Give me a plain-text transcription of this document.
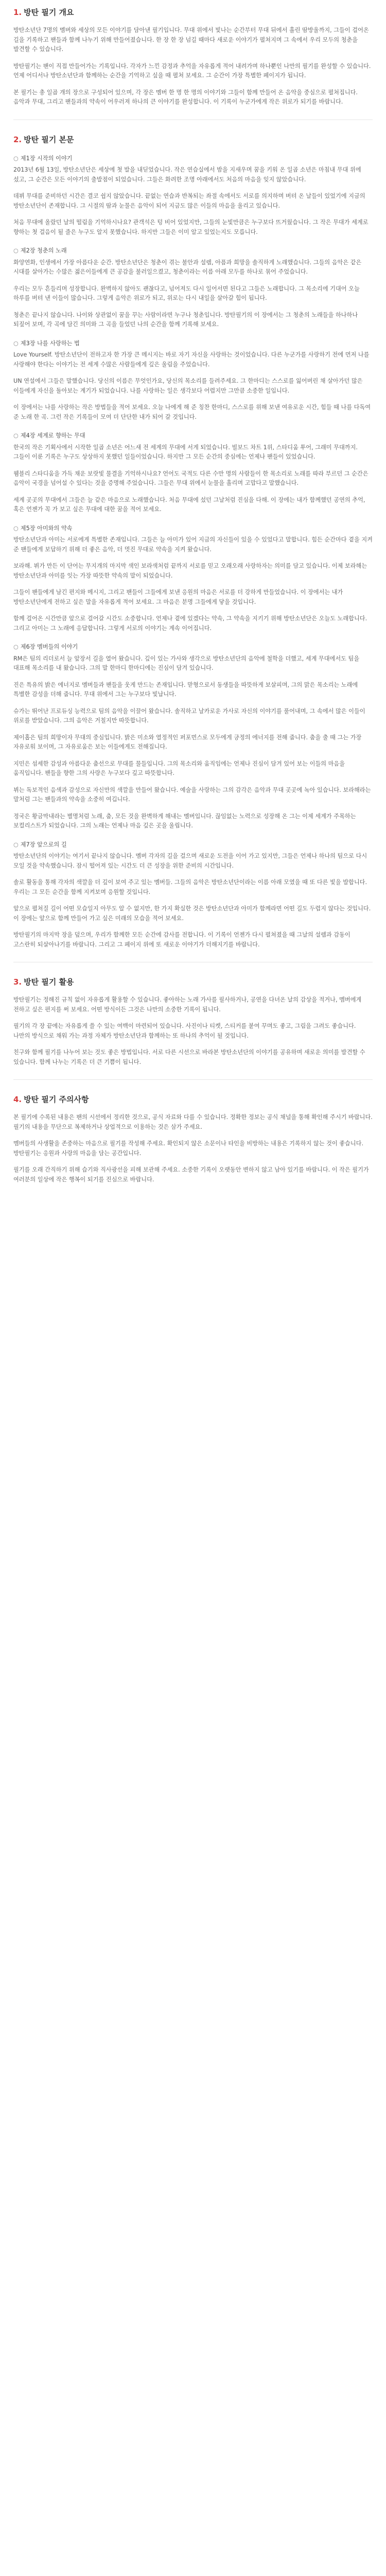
1. 방탄 필기 개요

방탄소년단 7명의 멤버와 세상의 모든 이야기를 담아낸 필기입니다. 무대 위에서 빛나는 순간부터 무대 뒤에서 흘린 땀방울까지, 그들이 걸어온 길을 기록하고 팬들과 함께 나누기 위해 만들어졌습니다. 한 장 한 장 넘길 때마다 새로운 이야기가 펼쳐지며 그 속에서 우리 모두의 청춘을 발견할 수 있습니다.

방탄필기는 팬이 직접 만들어가는 기록입니다. 각자가 느낀 감정과 추억을 자유롭게 적어 내려가며 하나뿐인 나만의 필기를 완성할 수 있습니다. 언제 어디서나 방탄소년단과 함께하는 순간을 기억하고 싶을 때 펼쳐 보세요. 그 순간이 가장 특별한 페이지가 됩니다.

본 필기는 총 일곱 개의 장으로 구성되어 있으며, 각 장은 멤버 한 명 한 명의 이야기와 그들이 함께 만들어 온 음악을 중심으로 펼쳐집니다. 음악과 무대, 그리고 팬들과의 약속이 어우러져 하나의 큰 이야기를 완성합니다. 이 기록이 누군가에게 작은 위로가 되기를 바랍니다.

2. 방탄 필기 본문
○ 제1장 시작의 이야기

2013년 6월 13일, 방탄소년단은 세상에 첫 발을 내딛었습니다. 작은 연습실에서 밤을 지새우며 꿈을 키워 온 일곱 소년은 마침내 무대 위에 섰고, 그 순간은 모든 이야기의 출발점이 되었습니다. 그들은 화려한 조명 아래에서도 처음의 마음을 잊지 않았습니다.

데뷔 무대를 준비하던 시간은 결코 쉽지 않았습니다. 끝없는 연습과 반복되는 좌절 속에서도 서로를 의지하며 버텨 온 날들이 있었기에 지금의 방탄소년단이 존재합니다. 그 시절의 땀과 눈물은 음악이 되어 지금도 많은 이들의 마음을 울리고 있습니다.

처음 무대에 올랐던 날의 떨림을 기억하시나요? 관객석은 텅 비어 있었지만, 그들의 눈빛만큼은 누구보다 뜨거웠습니다. 그 작은 무대가 세계로 향하는 첫 걸음이 될 줄은 누구도 알지 못했습니다. 하지만 그들은 이미 알고 있었는지도 모릅니다.

○ 제2장 청춘의 노래

화양연화, 인생에서 가장 아름다운 순간. 방탄소년단은 청춘이 겪는 불안과 설렘, 아픔과 희망을 솔직하게 노래했습니다. 그들의 음악은 같은 시대를 살아가는 수많은 젊은이들에게 큰 공감을 불러일으켰고, 청춘이라는 이름 아래 모두를 하나로 묶어 주었습니다.

우리는 모두 흔들리며 성장합니다. 완벽하지 않아도 괜찮다고, 넘어져도 다시 일어서면 된다고 그들은 노래합니다. 그 목소리에 기대어 오늘 하루를 버텨 낸 이들이 많습니다. 그렇게 음악은 위로가 되고, 위로는 다시 내일을 살아갈 힘이 됩니다.

청춘은 끝나지 않습니다. 나이와 상관없이 꿈을 꾸는 사람이라면 누구나 청춘입니다. 방탄필기의 이 장에서는 그 청춘의 노래들을 하나하나 되짚어 보며, 각 곡에 담긴 의미와 그 곡을 들었던 나의 순간을 함께 기록해 보세요.

○ 제3장 나를 사랑하는 법

Love Yourself. 방탄소년단이 전하고자 한 가장 큰 메시지는 바로 자기 자신을 사랑하는 것이었습니다. 다른 누군가를 사랑하기 전에 먼저 나를 사랑해야 한다는 이야기는 전 세계 수많은 사람들에게 깊은 울림을 주었습니다.

UN 연설에서 그들은 말했습니다. 당신의 이름은 무엇인가요, 당신의 목소리를 들려주세요. 그 한마디는 스스로를 잃어버린 채 살아가던 많은 이들에게 자신을 돌아보는 계기가 되었습니다. 나를 사랑하는 일은 생각보다 어렵지만 그만큼 소중한 일입니다.

이 장에서는 나를 사랑하는 작은 방법들을 적어 보세요. 오늘 나에게 해 준 칭찬 한마디, 스스로를 위해 보낸 여유로운 시간, 힘들 때 나를 다독여 준 노래 한 곡. 그런 작은 기록들이 모여 더 단단한 내가 되어 갈 것입니다.

○ 제4장 세계로 향하는 무대

한국의 작은 기획사에서 시작한 일곱 소년은 어느새 전 세계의 무대에 서게 되었습니다. 빌보드 차트 1위, 스타디움 투어, 그래미 무대까지. 그들이 이룬 기록은 누구도 상상하지 못했던 일들이었습니다. 하지만 그 모든 순간의 중심에는 언제나 팬들이 있었습니다.

웸블리 스타디움을 가득 채운 보랏빛 물결을 기억하시나요? 언어도 국적도 다른 수만 명의 사람들이 한 목소리로 노래를 따라 부르던 그 순간은 음악이 국경을 넘어설 수 있다는 것을 증명해 주었습니다. 그들은 무대 위에서 눈물을 흘리며 고맙다고 말했습니다.

세계 곳곳의 무대에서 그들은 늘 같은 마음으로 노래했습니다. 처음 무대에 섰던 그날처럼 진심을 다해. 이 장에는 내가 함께했던 공연의 추억, 혹은 언젠가 꼭 가 보고 싶은 무대에 대한 꿈을 적어 보세요.

○ 제5장 아미와의 약속

방탄소년단과 아미는 서로에게 특별한 존재입니다. 그들은 늘 아미가 있어 지금의 자신들이 있을 수 있었다고 말합니다. 힘든 순간마다 곁을 지켜 준 팬들에게 보답하기 위해 더 좋은 음악, 더 멋진 무대로 약속을 지켜 왔습니다.

보라해. 뷔가 만든 이 단어는 무지개의 마지막 색인 보라색처럼 끝까지 서로를 믿고 오래오래 사랑하자는 의미를 담고 있습니다. 이제 보라해는 방탄소년단과 아미를 잇는 가장 따뜻한 약속의 말이 되었습니다.

그들이 팬들에게 남긴 편지와 메시지, 그리고 팬들이 그들에게 보낸 응원의 마음은 서로를 더 강하게 만들었습니다. 이 장에서는 내가 방탄소년단에게 전하고 싶은 말을 자유롭게 적어 보세요. 그 마음은 분명 그들에게 닿을 것입니다.

함께 걸어온 시간만큼 앞으로 걸어갈 시간도 소중합니다. 언제나 곁에 있겠다는 약속, 그 약속을 지키기 위해 방탄소년단은 오늘도 노래합니다. 그리고 아미는 그 노래에 응답합니다. 그렇게 서로의 이야기는 계속 이어집니다.

○ 제6장 멤버들의 이야기

RM은 팀의 리더로서 늘 앞장서 길을 열어 왔습니다. 깊이 있는 가사와 생각으로 방탄소년단의 음악에 철학을 더했고, 세계 무대에서도 팀을 대표해 목소리를 내 왔습니다. 그의 말 한마디 한마디에는 진심이 담겨 있습니다.

진은 특유의 밝은 에너지로 멤버들과 팬들을 웃게 만드는 존재입니다. 맏형으로서 동생들을 따뜻하게 보살피며, 그의 맑은 목소리는 노래에 특별한 감성을 더해 줍니다. 무대 위에서 그는 누구보다 빛납니다.

슈가는 뛰어난 프로듀싱 능력으로 팀의 음악을 이끌어 왔습니다. 솔직하고 날카로운 가사로 자신의 이야기를 풀어내며, 그 속에서 많은 이들이 위로를 받았습니다. 그의 음악은 거칠지만 따뜻합니다.

제이홉은 팀의 희망이자 무대의 중심입니다. 밝은 미소와 열정적인 퍼포먼스로 모두에게 긍정의 에너지를 전해 줍니다. 춤을 출 때 그는 가장 자유로워 보이며, 그 자유로움은 보는 이들에게도 전해집니다.

지민은 섬세한 감성과 아름다운 춤선으로 무대를 물들입니다. 그의 목소리와 움직임에는 언제나 진심이 담겨 있어 보는 이들의 마음을 움직입니다. 팬들을 향한 그의 사랑은 누구보다 깊고 따뜻합니다.

뷔는 독보적인 음색과 감성으로 자신만의 색깔을 만들어 왔습니다. 예술을 사랑하는 그의 감각은 음악과 무대 곳곳에 녹아 있습니다. 보라해라는 말처럼 그는 팬들과의 약속을 소중히 여깁니다.

정국은 황금막내라는 별명처럼 노래, 춤, 모든 것을 완벽하게 해내는 멤버입니다. 끊임없는 노력으로 성장해 온 그는 이제 세계가 주목하는 보컬리스트가 되었습니다. 그의 노래는 언제나 마음 깊은 곳을 울립니다.

○ 제7장 앞으로의 길

방탄소년단의 이야기는 여기서 끝나지 않습니다. 멤버 각자의 길을 걸으며 새로운 도전을 이어 가고 있지만, 그들은 언제나 하나의 팀으로 다시 모일 것을 약속했습니다. 잠시 떨어져 있는 시간도 더 큰 성장을 위한 준비의 시간입니다.

솔로 활동을 통해 각자의 색깔을 더 깊이 보여 주고 있는 멤버들. 그들의 음악은 방탄소년단이라는 이름 아래 모였을 때 또 다른 빛을 발합니다. 우리는 그 모든 순간을 함께 지켜보며 응원할 것입니다.

앞으로 펼쳐질 길이 어떤 모습일지 아무도 알 수 없지만, 한 가지 확실한 것은 방탄소년단과 아미가 함께라면 어떤 길도 두렵지 않다는 것입니다. 이 장에는 앞으로 함께 만들어 가고 싶은 미래의 모습을 적어 보세요.

방탄필기의 마지막 장을 덮으며, 우리가 함께한 모든 순간에 감사를 전합니다. 이 기록이 언젠가 다시 펼쳐졌을 때 그날의 설렘과 감동이 고스란히 되살아나기를 바랍니다. 그리고 그 페이지 위에 또 새로운 이야기가 더해지기를 바랍니다.

3. 방탄 필기 활용

방탄필기는 정해진 규칙 없이 자유롭게 활용할 수 있습니다. 좋아하는 노래 가사를 필사하거나, 공연을 다녀온 날의 감상을 적거나, 멤버에게 전하고 싶은 편지를 써 보세요. 어떤 방식이든 그것은 나만의 소중한 기록이 됩니다.

필기의 각 장 끝에는 자유롭게 쓸 수 있는 여백이 마련되어 있습니다. 사진이나 티켓, 스티커를 붙여 꾸며도 좋고, 그림을 그려도 좋습니다. 나만의 방식으로 채워 가는 과정 자체가 방탄소년단과 함께하는 또 하나의 추억이 될 것입니다.

친구와 함께 필기를 나누어 보는 것도 좋은 방법입니다. 서로 다른 시선으로 바라본 방탄소년단의 이야기를 공유하며 새로운 의미를 발견할 수 있습니다. 함께 나누는 기록은 더 큰 기쁨이 됩니다.

4. 방탄 필기 주의사항

본 필기에 수록된 내용은 팬의 시선에서 정리한 것으로, 공식 자료와 다를 수 있습니다. 정확한 정보는 공식 채널을 통해 확인해 주시기 바랍니다. 필기의 내용을 무단으로 복제하거나 상업적으로 이용하는 것은 삼가 주세요.

멤버들의 사생활을 존중하는 마음으로 필기를 작성해 주세요. 확인되지 않은 소문이나 타인을 비방하는 내용은 기록하지 않는 것이 좋습니다. 방탄필기는 응원과 사랑의 마음을 담는 공간입니다.

필기를 오래 간직하기 위해 습기와 직사광선을 피해 보관해 주세요. 소중한 기록이 오랫동안 변하지 않고 남아 있기를 바랍니다. 이 작은 필기가 여러분의 일상에 작은 행복이 되기를 진심으로 바랍니다.
